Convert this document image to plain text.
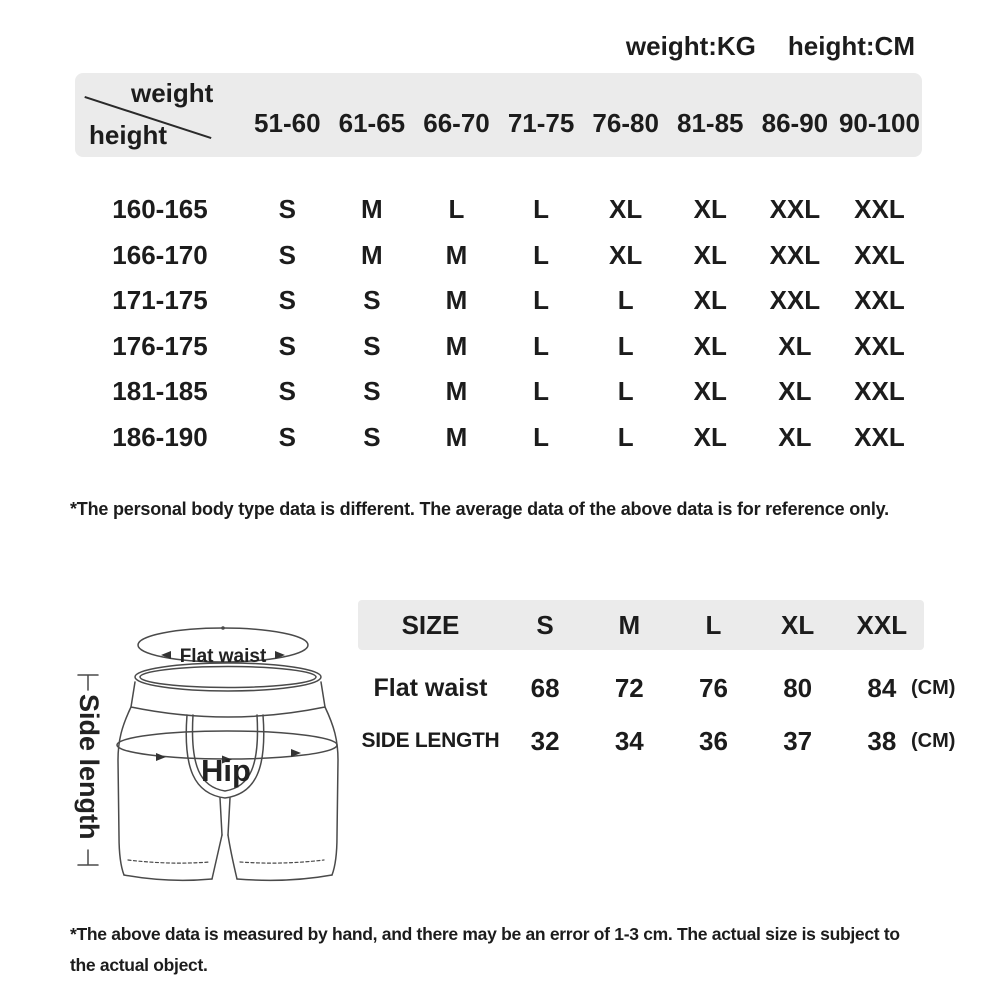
weight:KG height:CM
weight
height	51-60 61-65 66-70 71-75 76-80 81-85 86-90 90-100
160-165	S	M	L	L	XL	XL	XXL	XXL
166-170	S	M	M	L	XL	XL	XXL	XXL
171-175	S	S	M	L	L	XL	XXL	XXL
176-175	S	S	M	L	L	XL	XL	XXL
181-185	S	S	M	L	L	XL	XL	XXL
186-190	S	S	M	L	L	XL	XL	XXL
*The personal body type data is different. The average data of the above data is for reference only.
Flat waist
Hip
Side length
SIZE	S	M	L	XL	XXL
Flat waist	68	72	76	80	84 (CM)
SIDE LENGTH	32	34	36	37	38 (CM)
*The above data is measured by hand, and there may be an error of 1-3 cm. The actual size is subject to
the actual object.
